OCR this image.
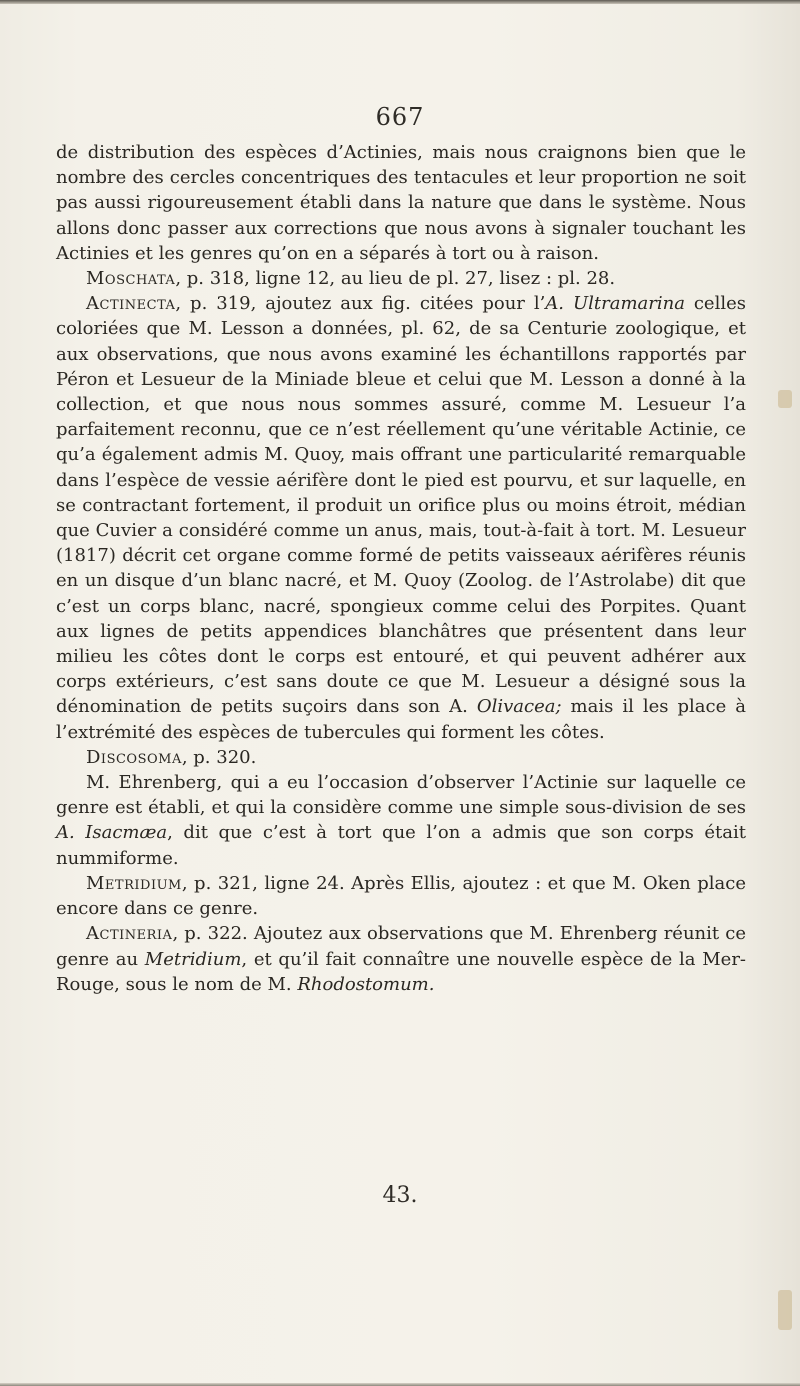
667

de distribution des espèces d’Actinies, mais nous craignons bien que le nombre des cercles concentriques des tentacules et leur proportion ne soit pas aussi rigoureusement établi dans la nature que dans le système. Nous allons donc passer aux corrections que nous avons à signaler touchant les Actinies et les genres qu’on en a séparés à tort ou à raison.

Moschata, p. 318, ligne 12, au lieu de pl. 27, lisez : pl. 28.

Actinecta, p. 319, ajoutez aux fig. citées pour l’A. Ultramarina celles coloriées que M. Lesson a données, pl. 62, de sa Centurie zoologique, et aux observations, que nous avons examiné les échantillons rapportés par Péron et Lesueur de la Miniade bleue et celui que M. Lesson a donné à la collection, et que nous nous sommes assuré, comme M. Lesueur l’a parfaitement reconnu, que ce n’est réellement qu’une véritable Actinie, ce qu’a également admis M. Quoy, mais offrant une particularité remarquable dans l’espèce de vessie aérifère dont le pied est pourvu, et sur laquelle, en se contractant fortement, il produit un orifice plus ou moins étroit, médian que Cuvier a considéré comme un anus, mais, tout-à-fait à tort. M. Lesueur (1817) décrit cet organe comme formé de petits vaisseaux aérifères réunis en un disque d’un blanc nacré, et M. Quoy (Zoolog. de l’Astrolabe) dit que c’est un corps blanc, nacré, spongieux comme celui des Porpites. Quant aux lignes de petits appendices blanchâtres que présentent dans leur milieu les côtes dont le corps est entouré, et qui peuvent adhérer aux corps extérieurs, c’est sans doute ce que M. Lesueur a désigné sous la dénomination de petits suçoirs dans son A. Olivacea; mais il les place à l’extrémité des espèces de tubercules qui forment les côtes.

Discosoma, p. 320.

M. Ehrenberg, qui a eu l’occasion d’observer l’Actinie sur laquelle ce genre est établi, et qui la considère comme une simple sous-division de ses A. Isacmæa, dit que c’est à tort que l’on a admis que son corps était nummiforme.

Metridium, p. 321, ligne 24. Après Ellis, ajoutez : et que M. Oken place encore dans ce genre.

Actineria, p. 322. Ajoutez aux observations que M. Ehrenberg réunit ce genre au Metridium, et qu’il fait connaître une nouvelle espèce de la Mer-Rouge, sous le nom de M. Rhodostomum.

43.
